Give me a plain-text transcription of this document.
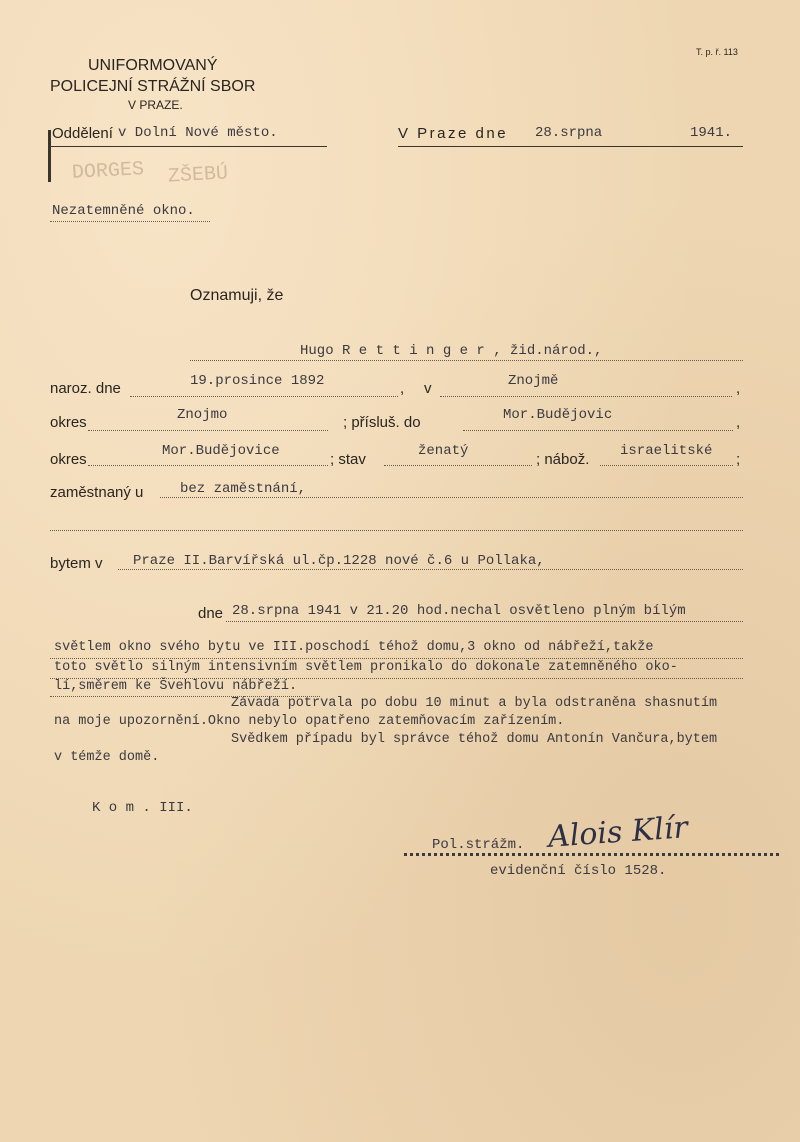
UNIFORMOVANÝ
POLICEJNÍ STRÁŽNÍ SBOR
V PRAZE.
T. p. ř. 113
Oddělení v Dolní Nové město.	V Praze dne 28.srpna	1941.
DORGES ZŠEBÚ
Nezatemněné okno.
Oznamuji, že
Hugo R e t t i n g e r , žid.národ.,
naroz. dne	19.prosince 1892	, v	Znojmě	,
okres	Znojmo	; přísluš. do	Mor.Budějovic	,
okres	Mor.Budějovice	; stav	ženatý	; nábož. israelitské ;
zaměstnaný u	bez zaměstnání,
bytem v Praze II.Barvířská ul.čp.1228 nové č.6 u Pollaka,
dne 28.srpna 1941 v 21.20 hod.nechal osvětleno plným bílým
světlem okno svého bytu ve III.poschodí téhož domu,3 okno od nábřeží,takže
toto světlo silným intensivním světlem pronikalo do dokonale zatemněného oko-
lí,směrem ke Švehlovu nábřeží.
Závada potrvala po dobu 10 minut a byla odstraněna shasnutím
na moje upozornění.Okno nebylo opatřeno zatemňovacím zařízením.
Svědkem případu byl správce téhož domu Antonín Vančura,bytem
v témže domě.
K o m . III.
Pol.strážm. Alois Klír
evidenční číslo 1528.
